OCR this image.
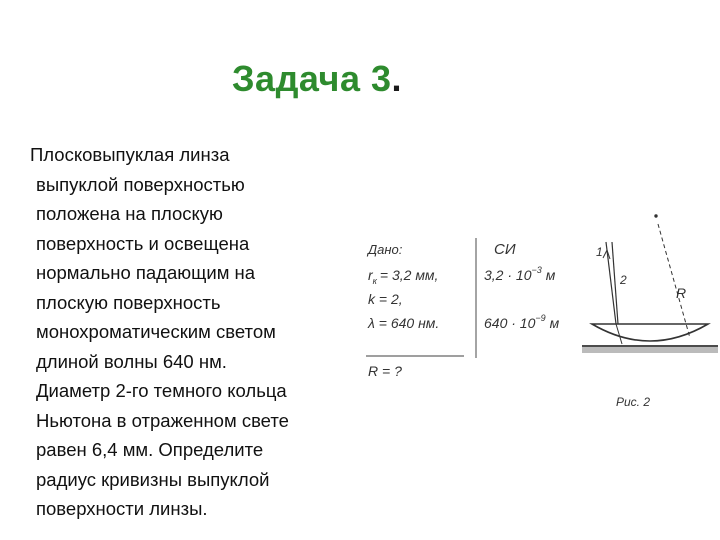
Задача 3.
Плосковыпуклая линза
выпуклой поверхностью
положена на плоскую
поверхность и освещена
нормально падающим на
плоскую поверхность
монохроматическим светом
длиной волны 640 нм.
Диаметр 2-го темного кольца
Ньютона в отраженном свете
равен 6,4 мм. Определите
радиус кривизны выпуклой
поверхности линзы.
Дано:	СИ
$r_к = 3,2$ мм,
k = 2,
λ = 640 нм.
$3,2 \cdot 10^{-3}$ м
$640 \cdot 10^{-9}$ м
R = ?
1
2
R
Рис. 2
